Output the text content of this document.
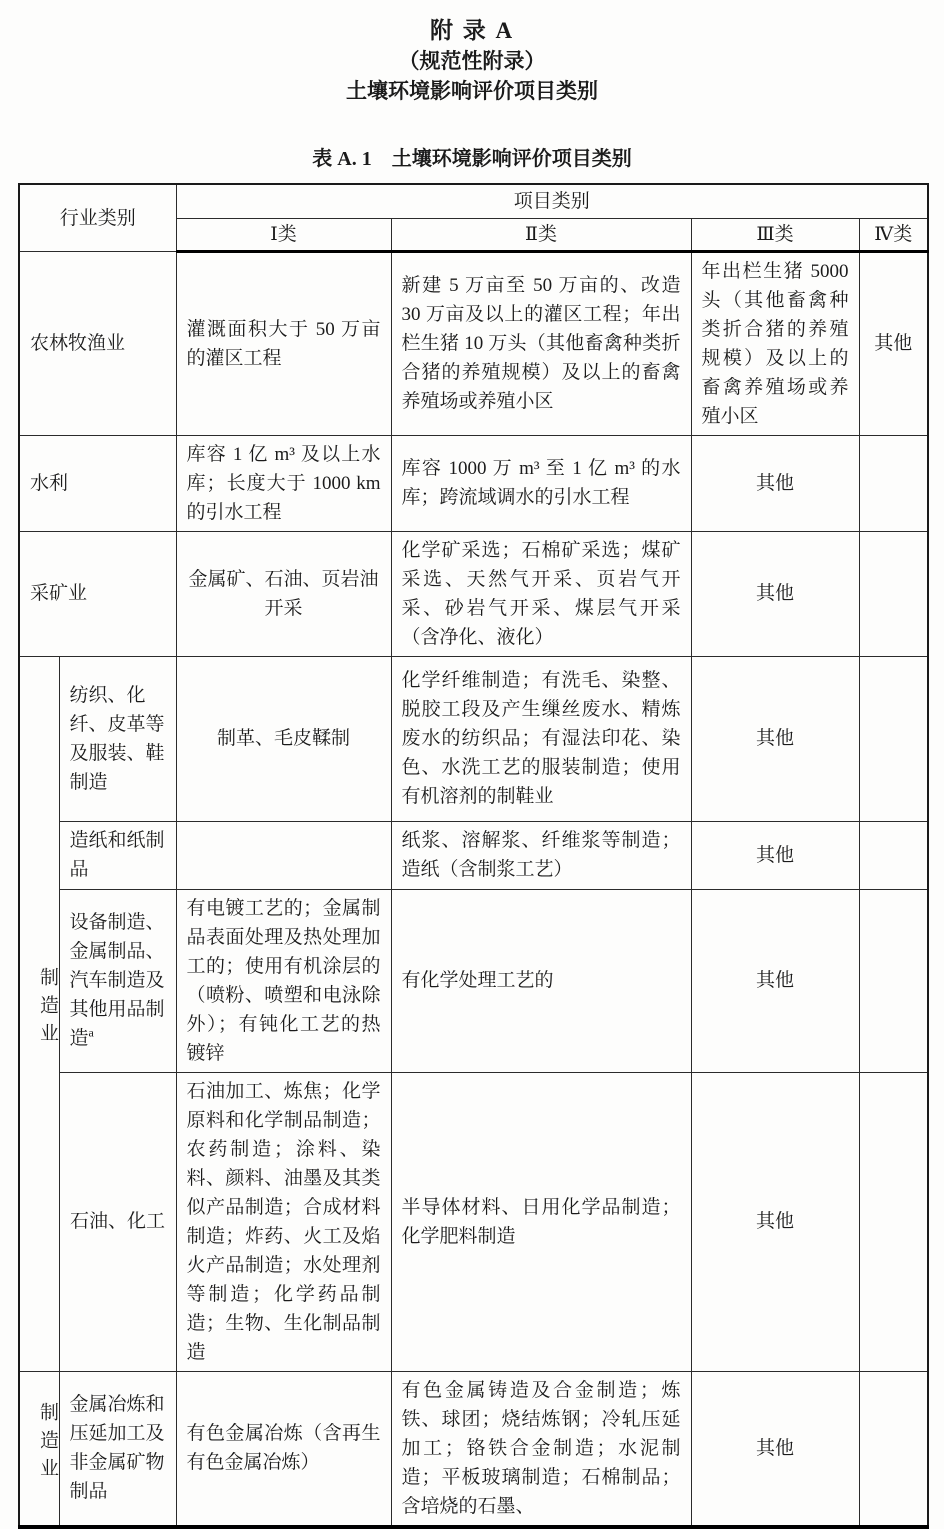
附 录 A

（规范性附录）

土壤环境影响评价项目类别

表 A. 1　土壤环境影响评价项目类别
行业类别		项目类别			
		Ⅰ类	Ⅱ类	Ⅲ类	Ⅳ类
农林牧渔业		灌溉面积大于 50 万亩的灌区工程	新建 5 万亩至 50 万亩的、改造 30 万亩及以上的灌区工程；年出栏生猪 10 万头（其他畜禽种类折合猪的养殖规模）及以上的畜禽养殖场或养殖小区	年出栏生猪 5000 头（其他畜禽种类折合猪的养殖规模）及以上的畜禽养殖场或养殖小区	其他
水利		库容 1 亿 m³ 及以上水库；长度大于 1000 km 的引水工程	库容 1000 万 m³ 至 1 亿 m³ 的水库；跨流域调水的引水工程	其他	
采矿业		金属矿、石油、页岩油开采	化学矿采选；石棉矿采选；煤矿采选、天然气开采、页岩气开采、砂岩气开采、煤层气开采（含净化、液化）	其他	
制造业	纺织、化纤、皮革等及服装、鞋制造	制革、毛皮鞣制	化学纤维制造；有洗毛、染整、脱胶工段及产生缫丝废水、精炼废水的纺织品；有湿法印花、染色、水洗工艺的服装制造；使用有机溶剂的制鞋业	其他	
	造纸和纸制品		纸浆、溶解浆、纤维浆等制造；造纸（含制浆工艺）	其他	
	设备制造、金属制品、汽车制造及其他用品制造$^a$	有电镀工艺的；金属制品表面处理及热处理加工的；使用有机涂层的（喷粉、喷塑和电泳除外）；有钝化工艺的热镀锌	有化学处理工艺的	其他	
	石油、化工	石油加工、炼焦；化学原料和化学制品制造；农药制造；涂料、染料、颜料、油墨及其类似产品制造；合成材料制造；炸药、火工及焰火产品制造；水处理剂等制造；化学药品制造；生物、生化制品制造	半导体材料、日用化学品制造；化学肥料制造	其他	
制造业	金属冶炼和压延加工及非金属矿物制品	有色金属冶炼（含再生有色金属冶炼）	有色金属铸造及合金制造；炼铁、球团；烧结炼钢；冷轧压延加工；铬铁合金制造；水泥制造；平板玻璃制造；石棉制品；含培烧的石墨、	其他	
